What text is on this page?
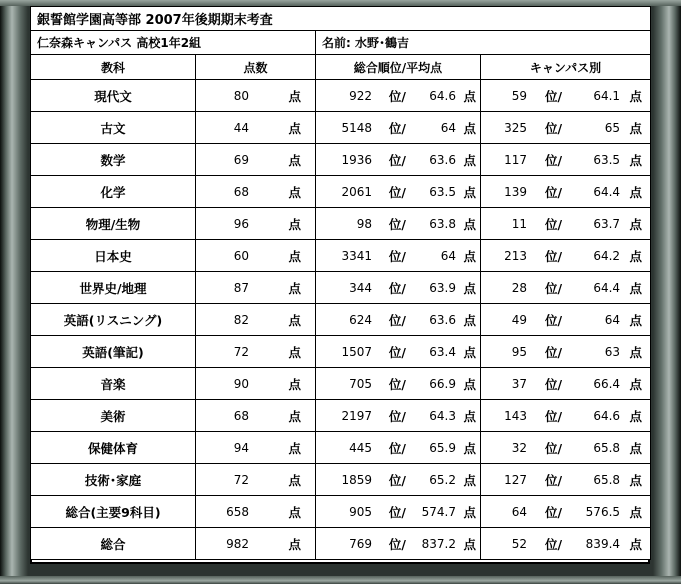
銀誓館学園高等部 2007年後期期末考査			
仁奈森キャンパス 高校1年2組		名前: 水野･鶴吉	
教科	点数	総合順位/平均点	キャンパス別
現代文	80 点	922 位/ 64.6 点	59 位/ 64.1 点

古文	44 点	5148 位/ 64 点	325 位/ 65 点

数学	69 点	1936 位/ 63.6 点	117 位/ 63.5 点

化学	68 点	2061 位/ 63.5 点	139 位/ 64.4 点

物理/生物	96 点	98 位/ 63.8 点	11 位/ 63.7 点

日本史	60 点	3341 位/ 64 点	213 位/ 64.2 点

世界史/地理	87 点	344 位/ 63.9 点	28 位/ 64.4 点

英語(リスニング)	82 点	624 位/ 63.6 点	49 位/ 64 点

英語(筆記)	72 点	1507 位/ 63.4 点	95 位/ 63 点

音楽	90 点	705 位/ 66.9 点	37 位/ 66.4 点

美術	68 点	2197 位/ 64.3 点	143 位/ 64.6 点

保健体育	94 点	445 位/ 65.9 点	32 位/ 65.8 点

技術･家庭	72 点	1859 位/ 65.2 点	127 位/ 65.8 点

総合(主要9科目)	658 点	905 位/ 574.7 点	64 位/ 576.5 点

総合	982 点	769 位/ 837.2 点	52 位/ 839.4 点
